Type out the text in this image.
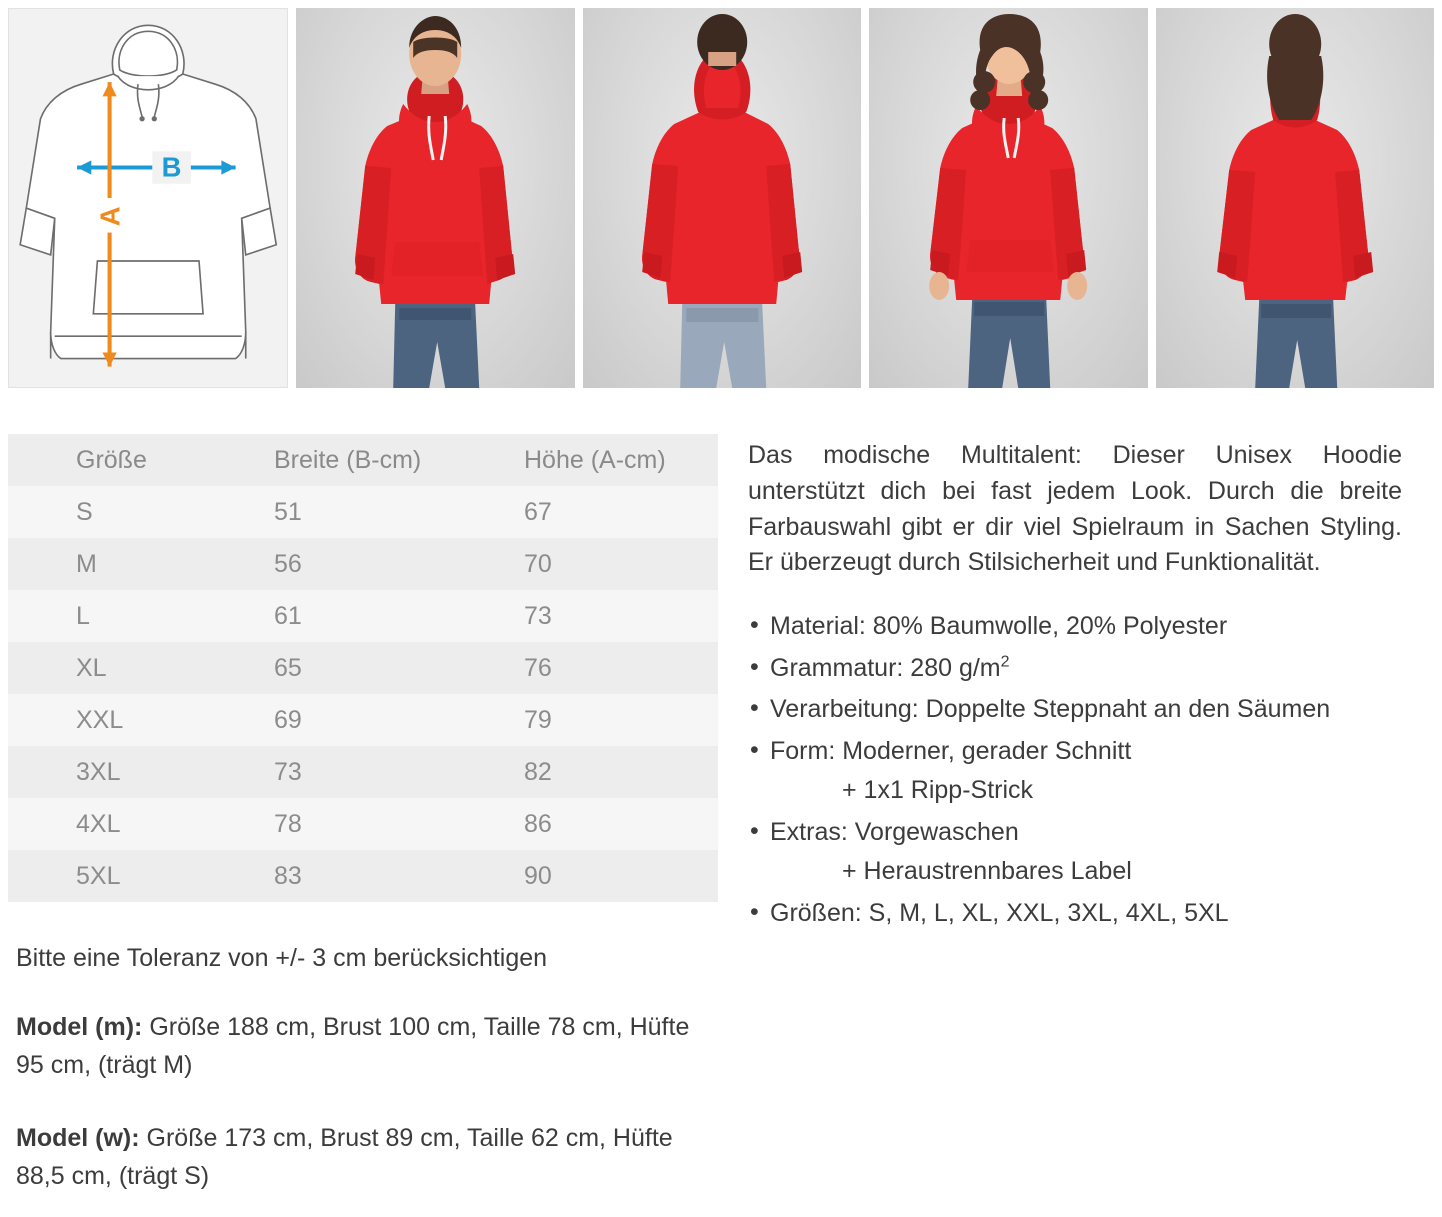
B
A
Größe	Breite (B-cm)	Höhe (A-cm)
S	51	67
M	56	70
L	61	73
XL	65	76
XXL	69	79
3XL	73	82
4XL	78	86
5XL	83	90
Bitte eine Toleranz von +/- 3 cm berücksichtigen
Model (m): Größe 188 cm, Brust 100 cm, Taille 78 cm, Hüfte 95 cm, (trägt M)
Model (w): Größe 173 cm, Brust 89 cm, Taille 62 cm, Hüfte 88,5 cm, (trägt S)

Das modische Multitalent: Dieser Unisex Hoodie unterstützt dich bei fast jedem Look. Durch die breite Farbauswahl gibt er dir viel Spielraum in Sachen Styling. Er überzeugt durch Stilsicherheit und Funktionalität.

• Material: 80% Baumwolle, 20% Polyester
• Grammatur: 280 $g/m^2$
• Verarbeitung: Doppelte Steppnaht an den Säumen
• Form: Moderner, gerader Schnitt
+ 1x1 Ripp-Strick
• Extras: Vorgewaschen
+ Heraustrennbares Label
• Größen: S, M, L, XL, XXL, 3XL, 4XL, 5XL
